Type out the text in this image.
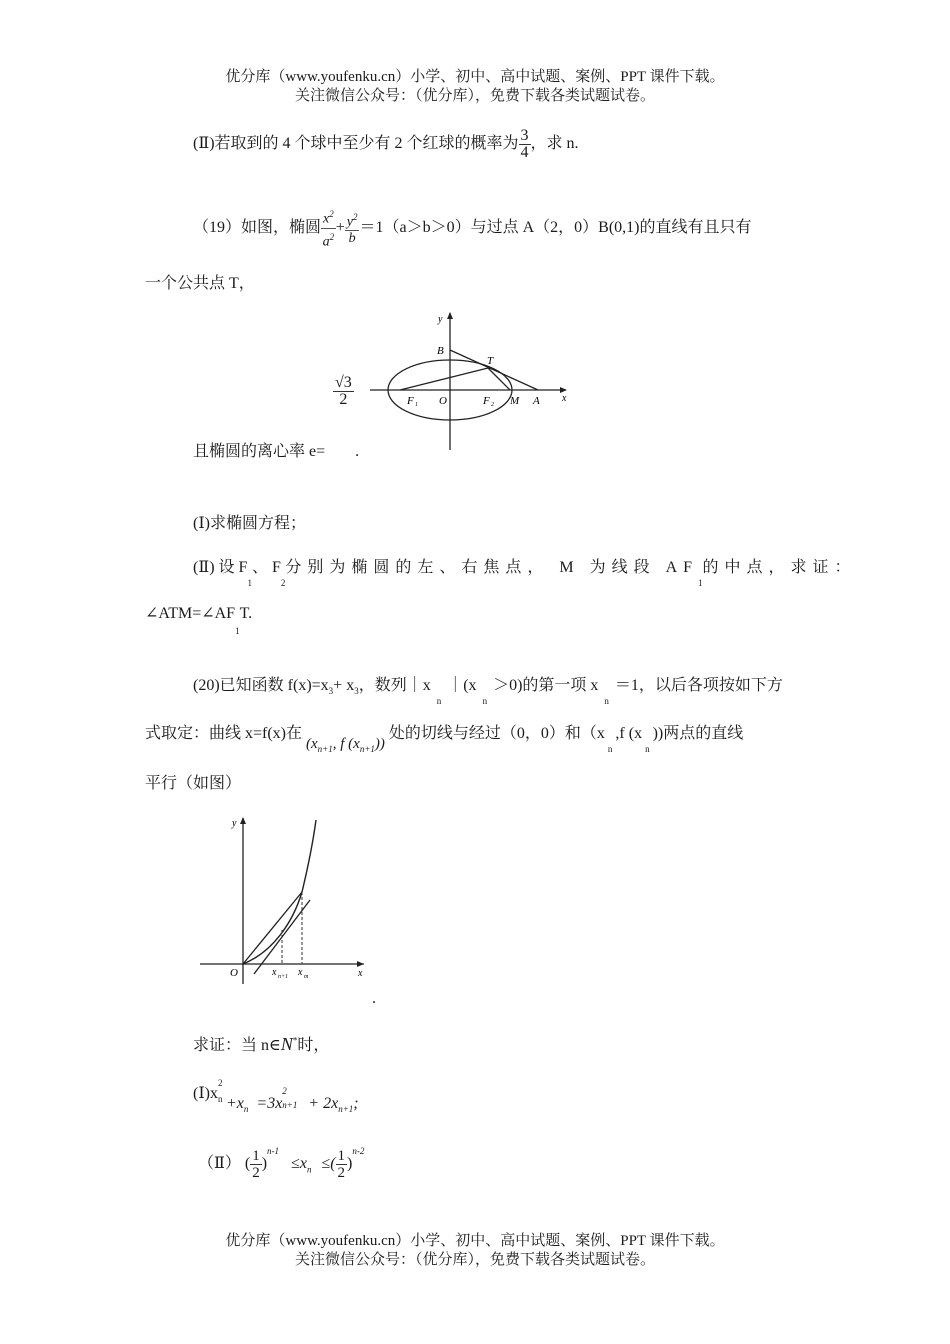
优分库（www.youfenku.cn）小学、初中、高中试题、案例、PPT 课件下载。
关注微信公众号：（优分库），免费下载各类试题试卷。
(Ⅱ)若取到的 4 个球中至少有 2 个红球的概率为 $\frac{3}{4}$ ，求 n.
（19）如图，椭圆 $\frac{x^2}{a^2} + \frac{y^2}{b} =1(a>b>0)$与过点 A（2，0）B(0,1)的直线有且只有
一个公共点 T，
$\frac{√3}{2}$
y
x
B
T
F 1 O	F 2 M A
且椭圆的离心率 e= .
(Ⅰ)求椭圆方程；
(Ⅱ) 设 $F_1$
、 $F_2$
分别为椭圆的左、右焦点， M 为线段 $AF_1$
的中点，求证：
$\angle ATM=\angle AF_1T$.
(20)已知函数 $f(x)=x_3+ x_3$，数列$|x_n|(x_n>0)$的第一项 $x_n=1$，以后各项按如下方
式取定：曲线 x=f(x)在($x_{n+1}$, f $(x_{n+1})$)处的切线与经过（0，0）和（$x_n,f$ $(x_n)$)两点的直线
平行（如图）
y
x
O	x n+1 x m
.
求证：当 n∈N*时，
(Ⅰ)x
2
$n +x_n =3x$
2
$n+1 + 2x_{n+1}$;
（Ⅱ） ( $\frac{1}{2} )^{n-1} \le x_n$ ≤( $\frac{1}{2} )^{n-2}$
优分库（www.youfenku.cn）小学、初中、高中试题、案例、PPT 课件下载。
关注微信公众号：（优分库），免费下载各类试题试卷。
